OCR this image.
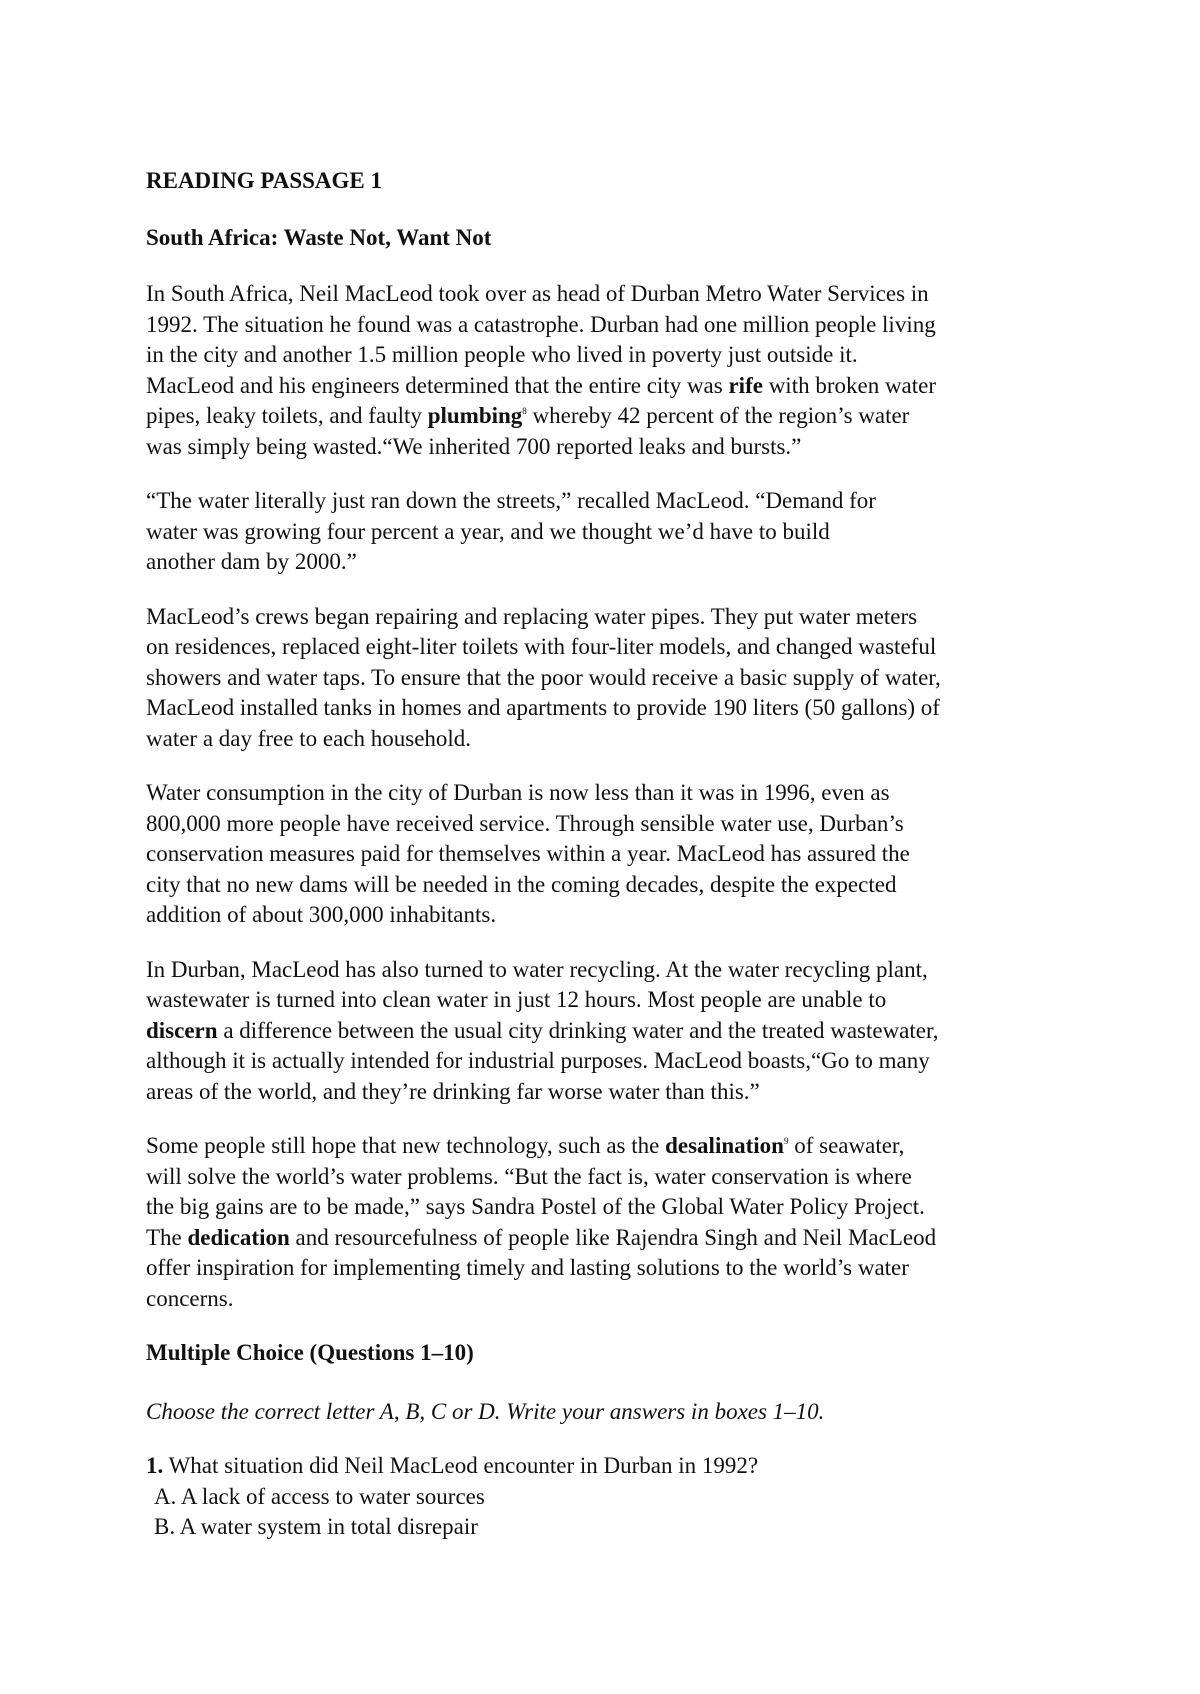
READING PASSAGE 1

South Africa: Waste Not, Want Not

In South Africa, Neil MacLeod took over as head of Durban Metro Water Services in
1992. The situation he found was a catastrophe. Durban had one million people living
in the city and another 1.5 million people who lived in poverty just outside it.
MacLeod and his engineers determined that the entire city was rife with broken water
pipes, leaky toilets, and faulty plumbing$^8$ whereby 42 percent of the region’s water
was simply being wasted.“We inherited 700 reported leaks and bursts.”
“The water literally just ran down the streets,” recalled MacLeod. “Demand for
water was growing four percent a year, and we thought we’d have to build
another dam by 2000.”
MacLeod’s crews began repairing and replacing water pipes. They put water meters
on residences, replaced eight-liter toilets with four-liter models, and changed wasteful
showers and water taps. To ensure that the poor would receive a basic supply of water,
MacLeod installed tanks in homes and apartments to provide 190 liters (50 gallons) of
water a day free to each household.
Water consumption in the city of Durban is now less than it was in 1996, even as
800,000 more people have received service. Through sensible water use, Durban’s
conservation measures paid for themselves within a year. MacLeod has assured the
city that no new dams will be needed in the coming decades, despite the expected
addition of about 300,000 inhabitants.
In Durban, MacLeod has also turned to water recycling. At the water recycling plant,
wastewater is turned into clean water in just 12 hours. Most people are unable to
discern a difference between the usual city drinking water and the treated wastewater,
although it is actually intended for industrial purposes. MacLeod boasts,“Go to many
areas of the world, and they’re drinking far worse water than this.”
Some people still hope that new technology, such as the desalination$^9$ of seawater,
will solve the world’s water problems. “But the fact is, water conservation is where
the big gains are to be made,” says Sandra Postel of the Global Water Policy Project.
The dedication and resourcefulness of people like Rajendra Singh and Neil MacLeod
offer inspiration for implementing timely and lasting solutions to the world’s water
concerns.

Multiple Choice (Questions 1–10)

Choose the correct letter A, B, C or D. Write your answers in boxes 1–10.

1. What situation did Neil MacLeod encounter in Durban in 1992?
A. A lack of access to water sources
B. A water system in total disrepair
